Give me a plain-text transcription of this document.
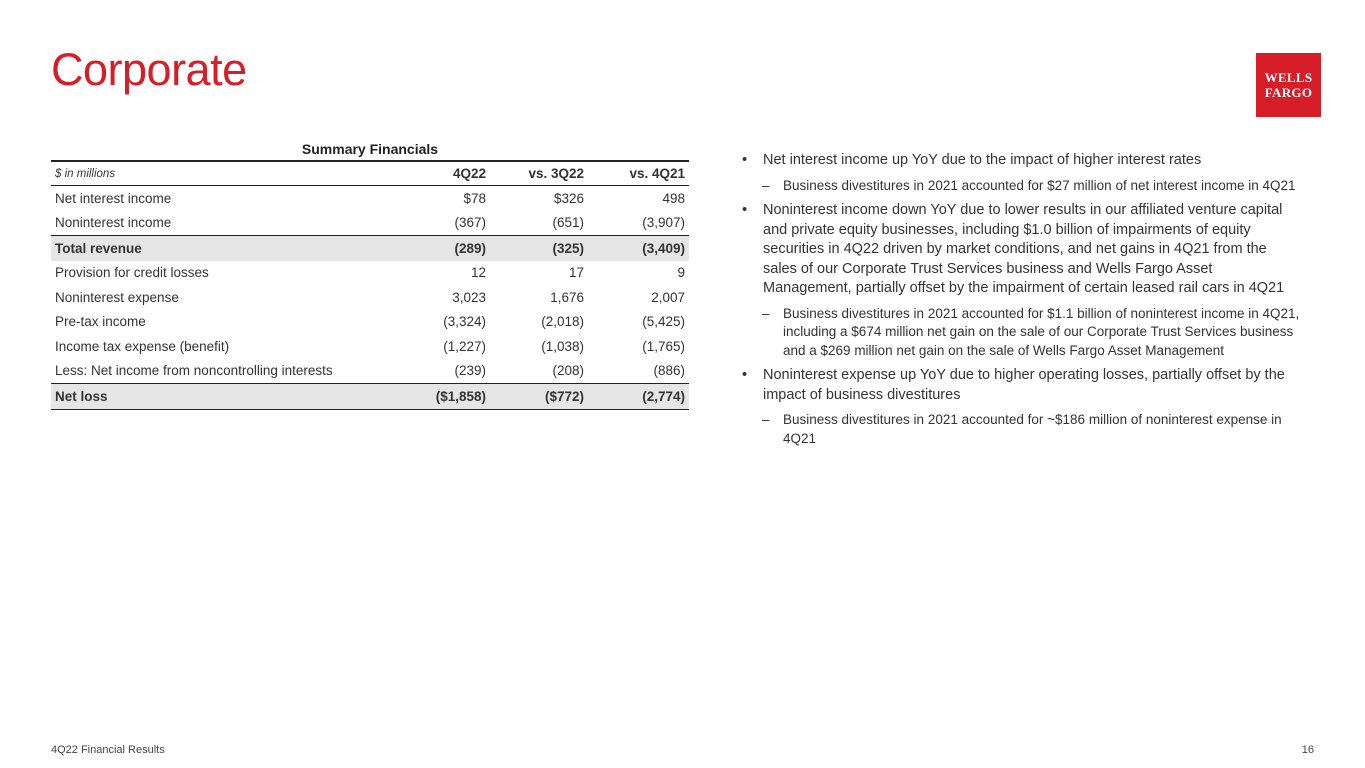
Corporate	WELLS
FARGO
Summary Financials
$ in millions	4Q22	vs. 3Q22	vs. 4Q21
Net interest income	$78	$326	498
Noninterest income	(367)	(651)	(3,907)
Total revenue	(289)	(325)	(3,409)
Provision for credit losses	12	17	9
Noninterest expense	3,023	1,676	2,007
Pre-tax income	(3,324)	(2,018)	(5,425)
Income tax expense (benefit)	(1,227)	(1,038)	(1,765)
Less: Net income from noncontrolling interests	(239)	(208)	(886)
Net loss	($1,858)	($772)	(2,774)
• Net interest income up YoY due to the impact of higher interest rates
– Business divestitures in 2021 accounted for $27 million of net interest income in 4Q21
• Noninterest income down YoY due to lower results in our affiliated venture capital and private equity businesses, including $1.0 billion of impairments of equity securities in 4Q22 driven by market conditions, and net gains in 4Q21 from the sales of our Corporate Trust Services business and Wells Fargo Asset Management, partially offset by the impairment of certain leased rail cars in 4Q21
– Business divestitures in 2021 accounted for $1.1 billion of noninterest income in 4Q21, including a $674 million net gain on the sale of our Corporate Trust Services business and a $269 million net gain on the sale of Wells Fargo Asset Management
• Noninterest expense up YoY due to higher operating losses, partially offset by the impact of business divestitures
– Business divestitures in 2021 accounted for ~$186 million of noninterest expense in 4Q21
4Q22 Financial Results	16
